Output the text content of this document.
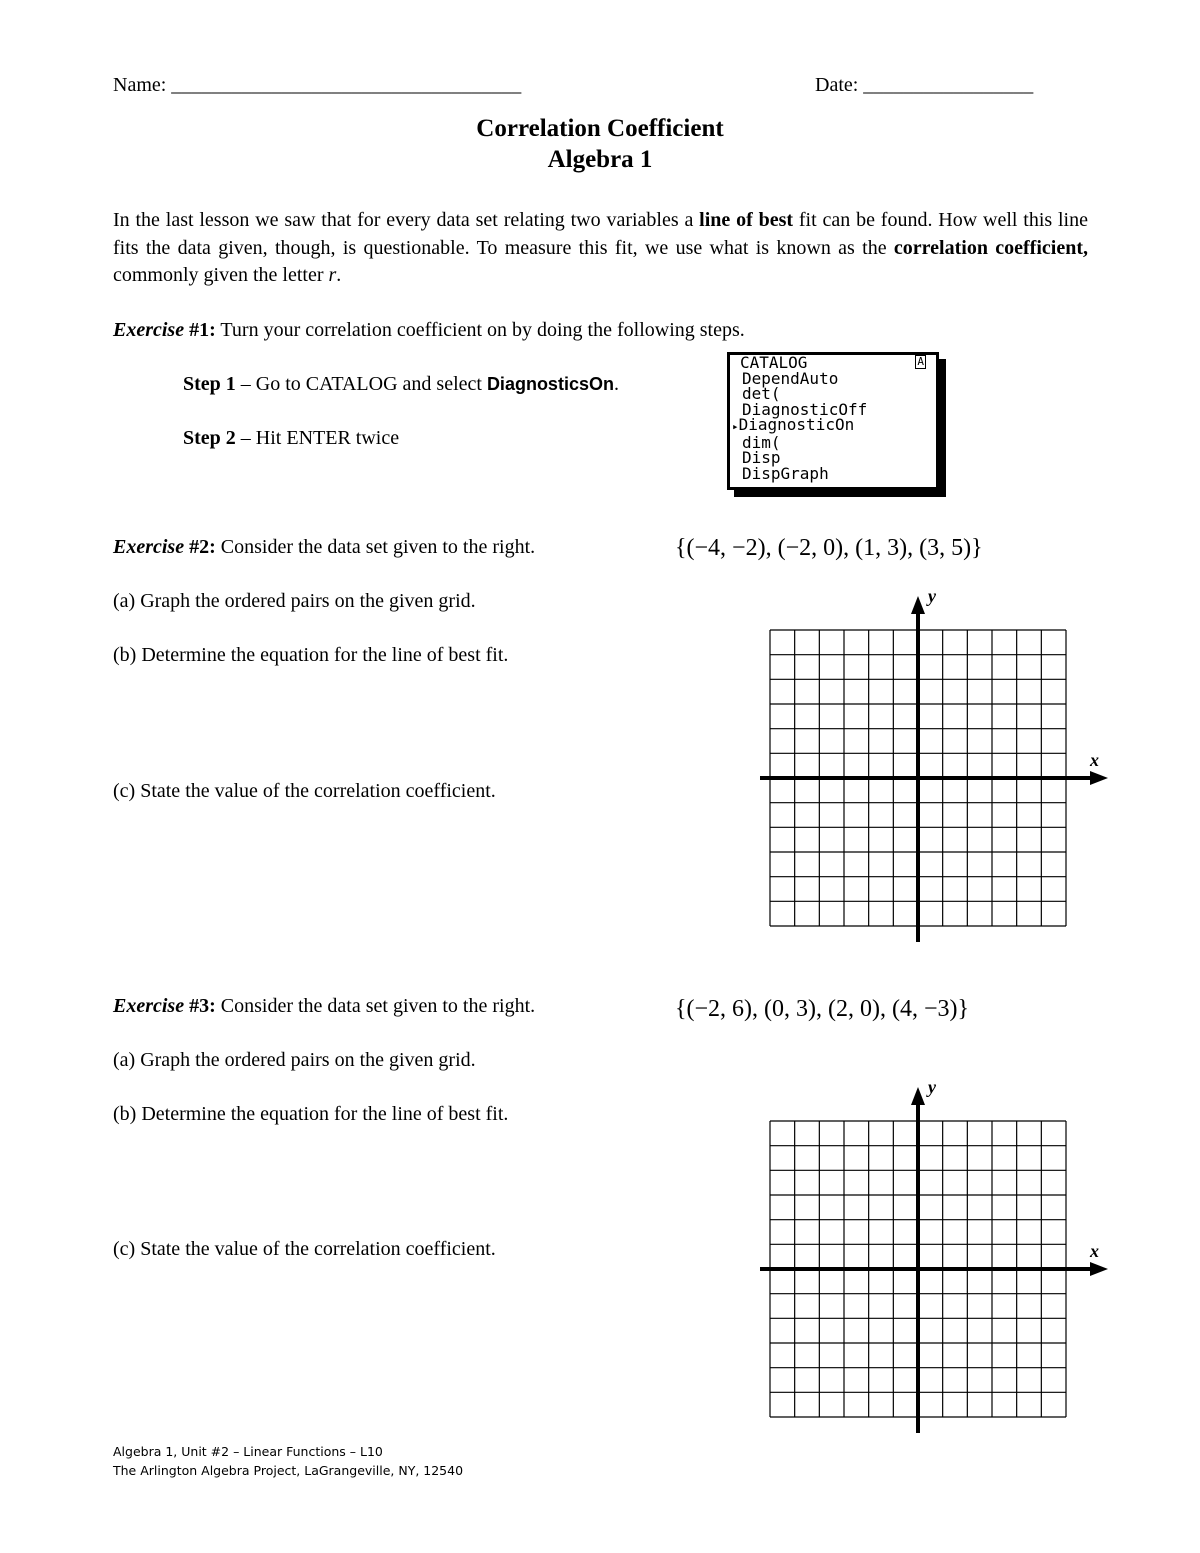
Name: ___________________________________	Date: _________________
Correlation Coefficient
Algebra 1
In the last lesson we saw that for every data set relating two variables a line of best fit can be found. How well this line fits the data given, though, is questionable. To measure this fit, we use what is known as the correlation coefficient, commonly given the letter r.
Exercise #1: Turn your correlation coefficient on by doing the following steps.
Step 1 – Go to CATALOG and select DiagnosticsOn.
Step 2 – Hit ENTER twice
CATALOG	A
DependAuto
det(
DiagnosticOff
▸DiagnosticOn
dim(
Disp
DispGraph
Exercise #2: Consider the data set given to the right.	{(−4, −2), (−2, 0), (1, 3), (3, 5)}
(a) Graph the ordered pairs on the given grid.
(b) Determine the equation for the line of best fit.
(c) State the value of the correlation coefficient.
y
x
Exercise #3: Consider the data set given to the right.	{(−2, 6), (0, 3), (2, 0), (4, −3)}
(a) Graph the ordered pairs on the given grid.
(b) Determine the equation for the line of best fit.
(c) State the value of the correlation coefficient.
y
x
Algebra 1, Unit #2 – Linear Functions – L10
The Arlington Algebra Project, LaGrangeville, NY, 12540
